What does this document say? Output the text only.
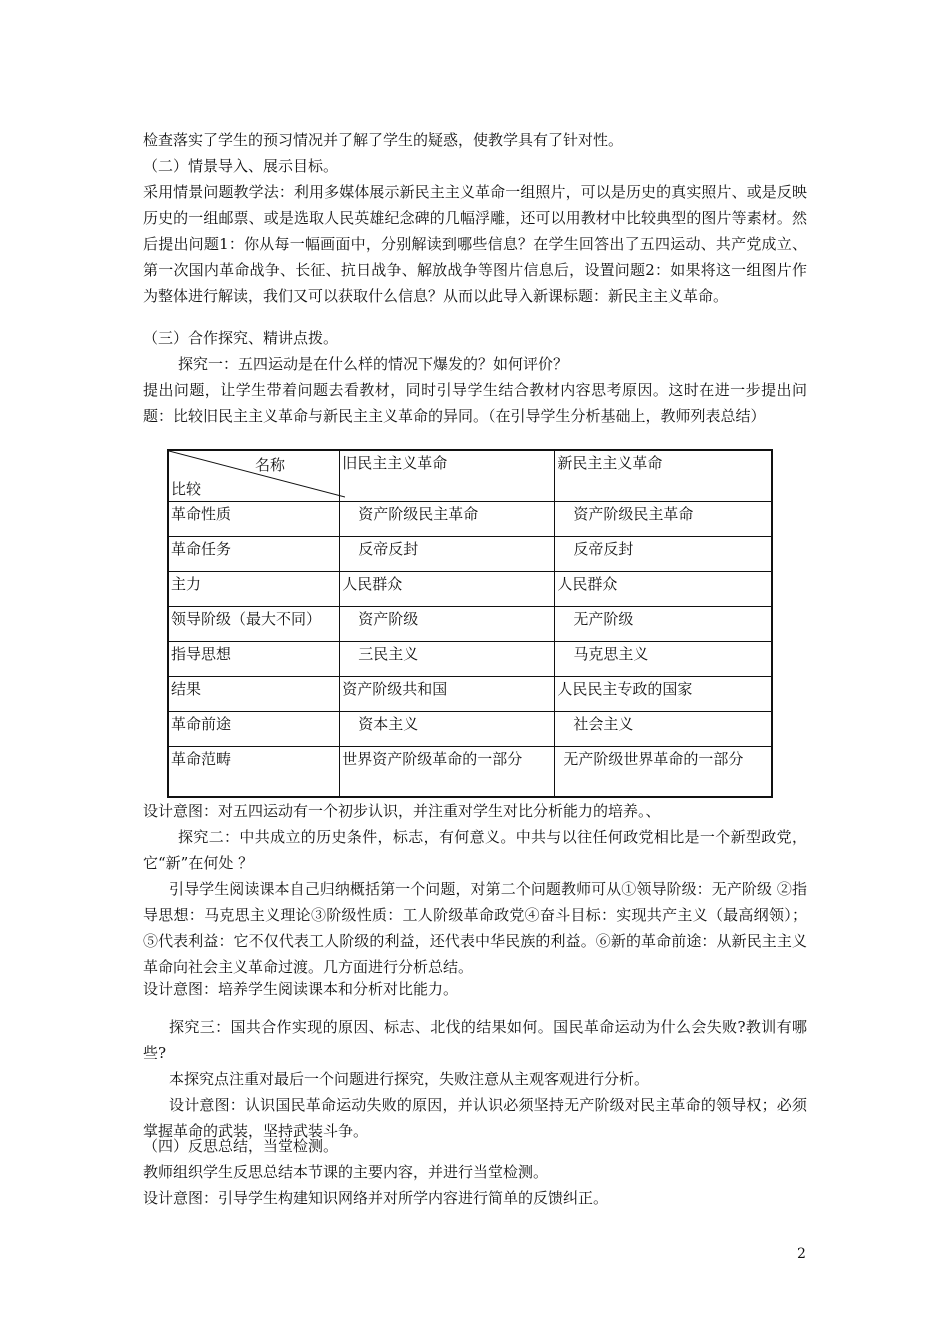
检查落实了学生的预习情况并了解了学生的疑惑，使教学具有了针对性。

（二）情景导入、展示目标。

采用情景问题教学法：利用多媒体展示新民主主义革命一组照片，可以是历史的真实照片、或是反映历史的一组邮票、或是选取人民英雄纪念碑的几幅浮雕，还可以用教材中比较典型的图片等素材。然后提出问题1：你从每一幅画面中，分别解读到哪些信息？在学生回答出了五四运动、共产党成立、第一次国内革命战争、长征、抗日战争、解放战争等图片信息后，设置问题2：如果将这一组图片作为整体进行解读，我们又可以获取什么信息？从而以此导入新课标题：新民主主义革命。

（三）合作探究、精讲点拨。

探究一：五四运动是在什么样的情况下爆发的？如何评价？

提出问题，让学生带着问题去看教材，同时引导学生结合教材内容思考原因。这时在进一步提出问题：比较旧民主主义革命与新民主主义革命的异同。（在引导学生分析基础上，教师列表总结）

名称
比较	旧民主主义革命	新民主主义革命
革命性质	资产阶级民主革命	资产阶级民主革命
革命任务	反帝反封	反帝反封
主力	人民群众	人民群众
领导阶级（最大不同）	资产阶级	无产阶级
指导思想	三民主义	马克思主义
结果	资产阶级共和国	人民民主专政的国家
革命前途	资本主义	社会主义
革命范畴	世界资产阶级革命的一部分	无产阶级世界革命的一部分

设计意图：对五四运动有一个初步认识，并注重对学生对比分析能力的培养。、

探究二：中共成立的历史条件，标志，有何意义。中共与以往任何政党相比是一个新型政党，它“新”在何处 ？

引导学生阅读课本自己归纳概括第一个问题，对第二个问题教师可从①领导阶级：无产阶级 ②指导思想：马克思主义理论③阶级性质：工人阶级革命政党④奋斗目标：实现共产主义（最高纲领）；⑤代表利益：它不仅代表工人阶级的利益，还代表中华民族的利益。⑥新的革命前途：从新民主主义革命向社会主义革命过渡。几方面进行分析总结。

设计意图：培养学生阅读课本和分析对比能力。

探究三：国共合作实现的原因、标志、北伐的结果如何。国民革命运动为什么会失败?教训有哪些?

本探究点注重对最后一个问题进行探究，失败注意从主观客观进行分析。

设计意图：认识国民革命运动失败的原因，并认识必须坚持无产阶级对民主革命的领导权；必须掌握革命的武装，坚持武装斗争。

（四）反思总结，当堂检测。

教师组织学生反思总结本节课的主要内容，并进行当堂检测。

设计意图：引导学生构建知识网络并对所学内容进行简单的反馈纠正。

2
